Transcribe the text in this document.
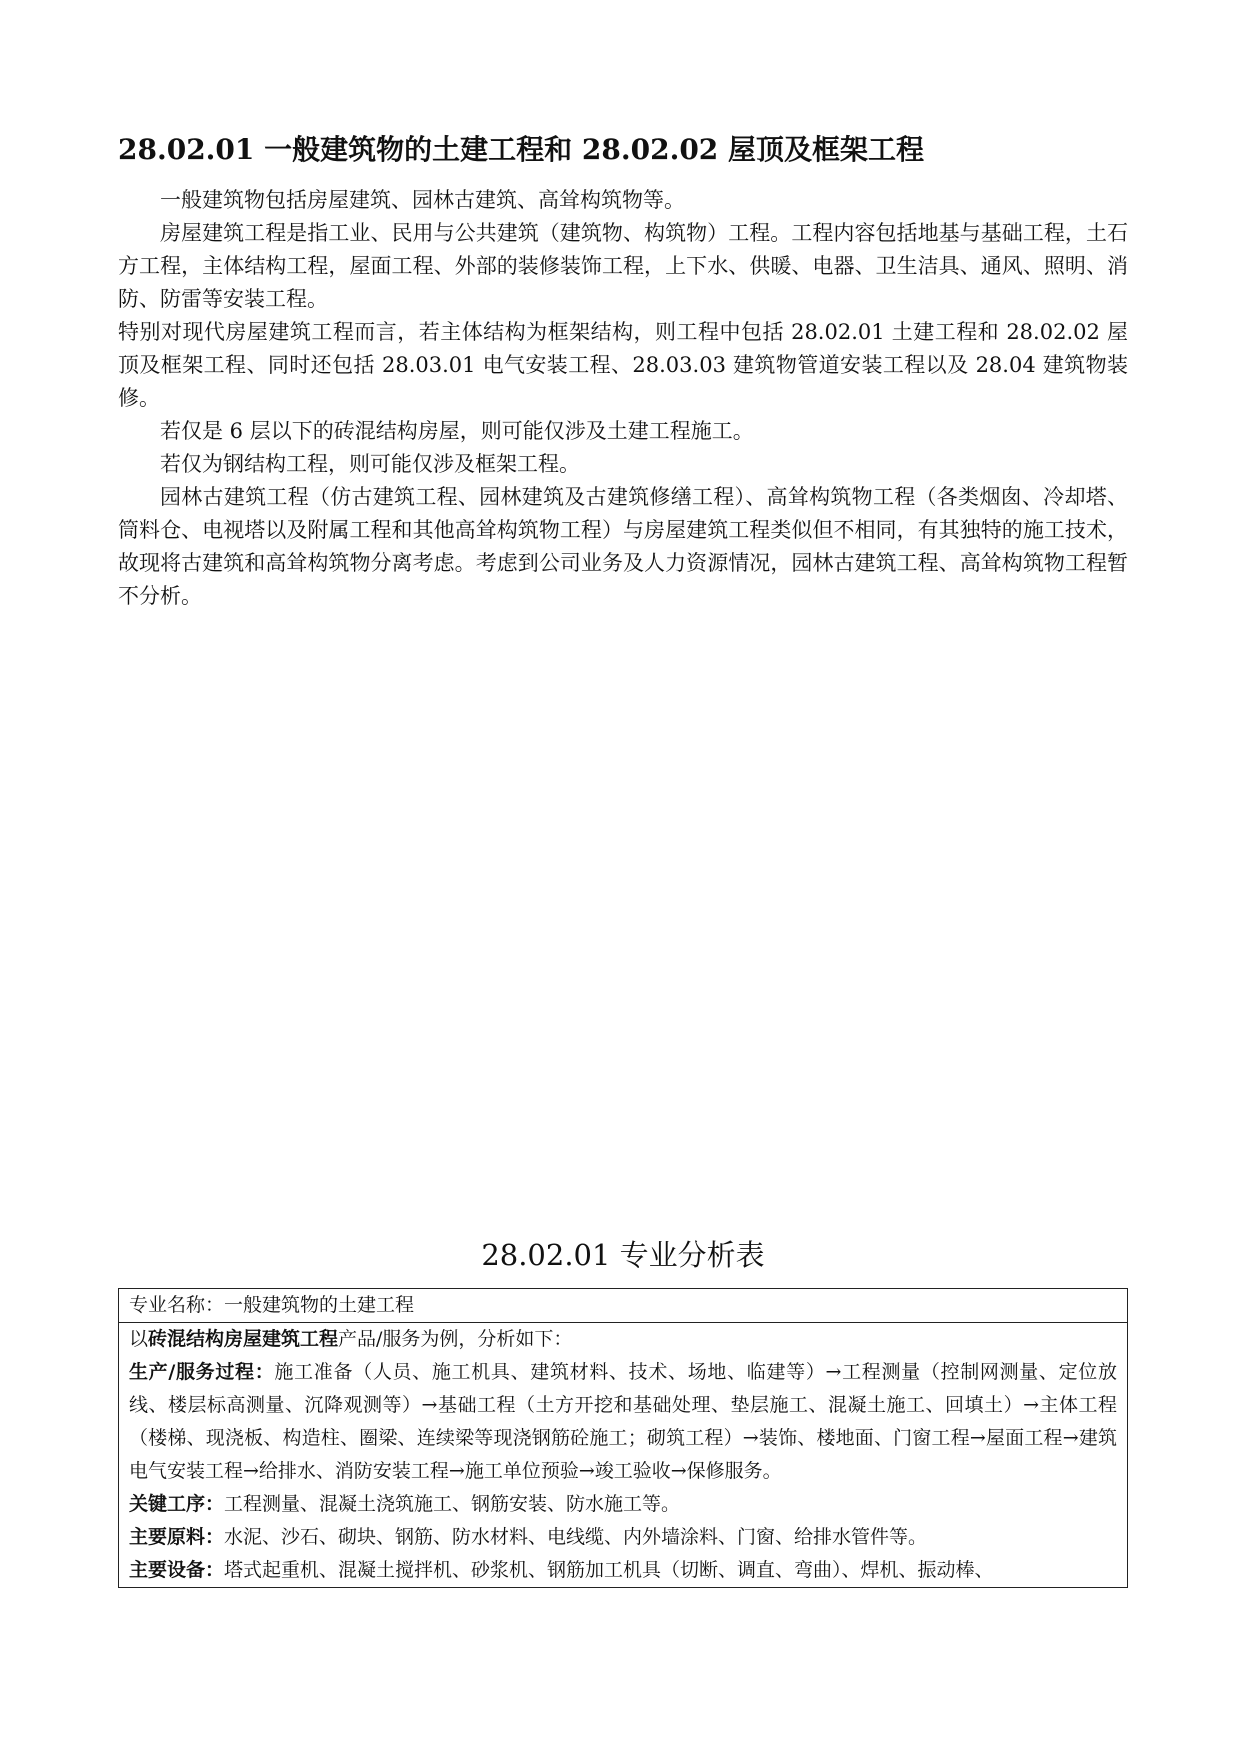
28.02.01 一般建筑物的土建工程和 28.02.02 屋顶及框架工程

一般建筑物包括房屋建筑、园林古建筑、高耸构筑物等。

房屋建筑工程是指工业、民用与公共建筑（建筑物、构筑物）工程。工程内容包括地基与基础工程，土石方工程，主体结构工程，屋面工程、外部的装修装饰工程，上下水、供暖、电器、卫生洁具、通风、照明、消防、防雷等安装工程。

特别对现代房屋建筑工程而言，若主体结构为框架结构，则工程中包括 28.02.01 土建工程和 28.02.02 屋顶及框架工程、同时还包括 28.03.01 电气安装工程、28.03.03 建筑物管道安装工程以及 28.04 建筑物装修。

若仅是 6 层以下的砖混结构房屋，则可能仅涉及土建工程施工。

若仅为钢结构工程，则可能仅涉及框架工程。

园林古建筑工程（仿古建筑工程、园林建筑及古建筑修缮工程）、高耸构筑物工程（各类烟囱、冷却塔、筒料仓、电视塔以及附属工程和其他高耸构筑物工程）与房屋建筑工程类似但不相同，有其独特的施工技术，故现将古建筑和高耸构筑物分离考虑。考虑到公司业务及人力资源情况，园林古建筑工程、高耸构筑物工程暂不分析。

28.02.01 专业分析表
专业名称：一般建筑物的土建工程

以砖混结构房屋建筑工程产品/服务为例，分析如下：

生产/服务过程：施工准备（人员、施工机具、建筑材料、技术、场地、临建等）→工程测量（控制网测量、定位放线、楼层标高测量、沉降观测等）→基础工程（土方开挖和基础处理、垫层施工、混凝土施工、回填土）→主体工程（楼梯、现浇板、构造柱、圈梁、连续梁等现浇钢筋砼施工；砌筑工程）→装饰、楼地面、门窗工程→屋面工程→建筑电气安装工程→给排水、消防安装工程→施工单位预验→竣工验收→保修服务。

关键工序：工程测量、混凝土浇筑施工、钢筋安装、防水施工等。

主要原料：水泥、沙石、砌块、钢筋、防水材料、电线缆、内外墙涂料、门窗、给排水管件等。

主要设备：塔式起重机、混凝土搅拌机、砂浆机、钢筋加工机具（切断、调直、弯曲）、焊机、振动棒、
